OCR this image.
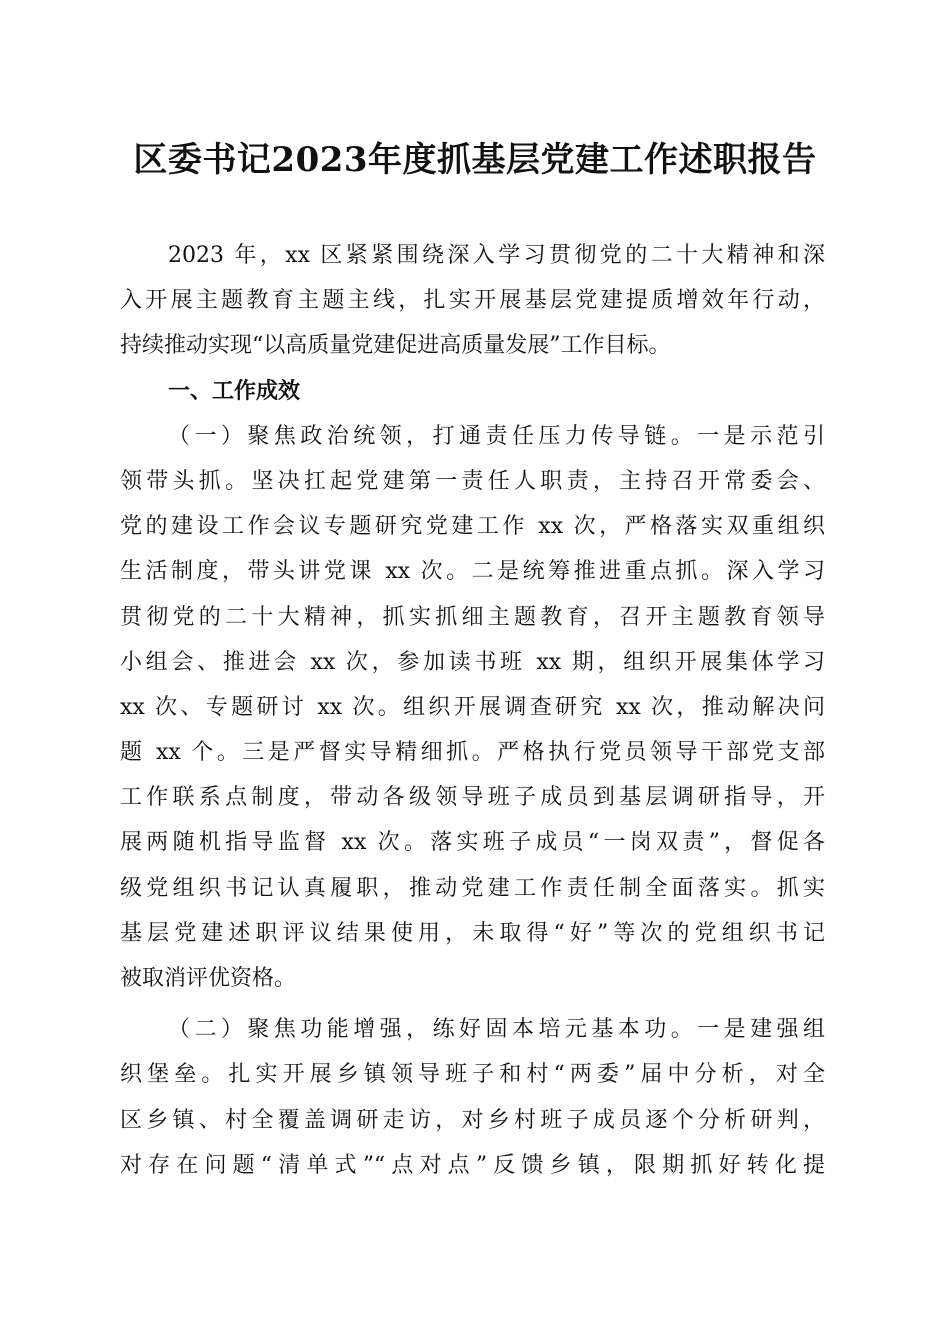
区委书记2023年度抓基层党建工作述职报告
2023 年，xx 区紧紧围绕深入学习贯彻党的二十大精神和深
入开展主题教育主题主线，扎实开展基层党建提质增效年行动，
持续推动实现“以高质量党建促进高质量发展”工作目标。
一、工作成效
（一）聚焦政治统领，打通责任压力传导链。一是示范引
领带头抓。坚决扛起党建第一责任人职责，主持召开常委会、
党的建设工作会议专题研究党建工作 xx 次，严格落实双重组织
生活制度，带头讲党课 xx 次。二是统筹推进重点抓。深入学习
贯彻党的二十大精神，抓实抓细主题教育，召开主题教育领导
小组会、推进会 xx 次，参加读书班 xx 期，组织开展集体学习
xx 次、专题研讨 xx 次。组织开展调查研究 xx 次，推动解决问
题 xx 个。三是严督实导精细抓。严格执行党员领导干部党支部
工作联系点制度，带动各级领导班子成员到基层调研指导，开
展两随机指导监督 xx 次。落实班子成员“一岗双责”，督促各
级党组织书记认真履职，推动党建工作责任制全面落实。抓实
基层党建述职评议结果使用，未取得“好”等次的党组织书记
被取消评优资格。
（二）聚焦功能增强，练好固本培元基本功。一是建强组
织堡垒。扎实开展乡镇领导班子和村“两委”届中分析，对全
区乡镇、村全覆盖调研走访，对乡村班子成员逐个分析研判，
对存在问题“清单式”“点对点”反馈乡镇，限期抓好转化提
